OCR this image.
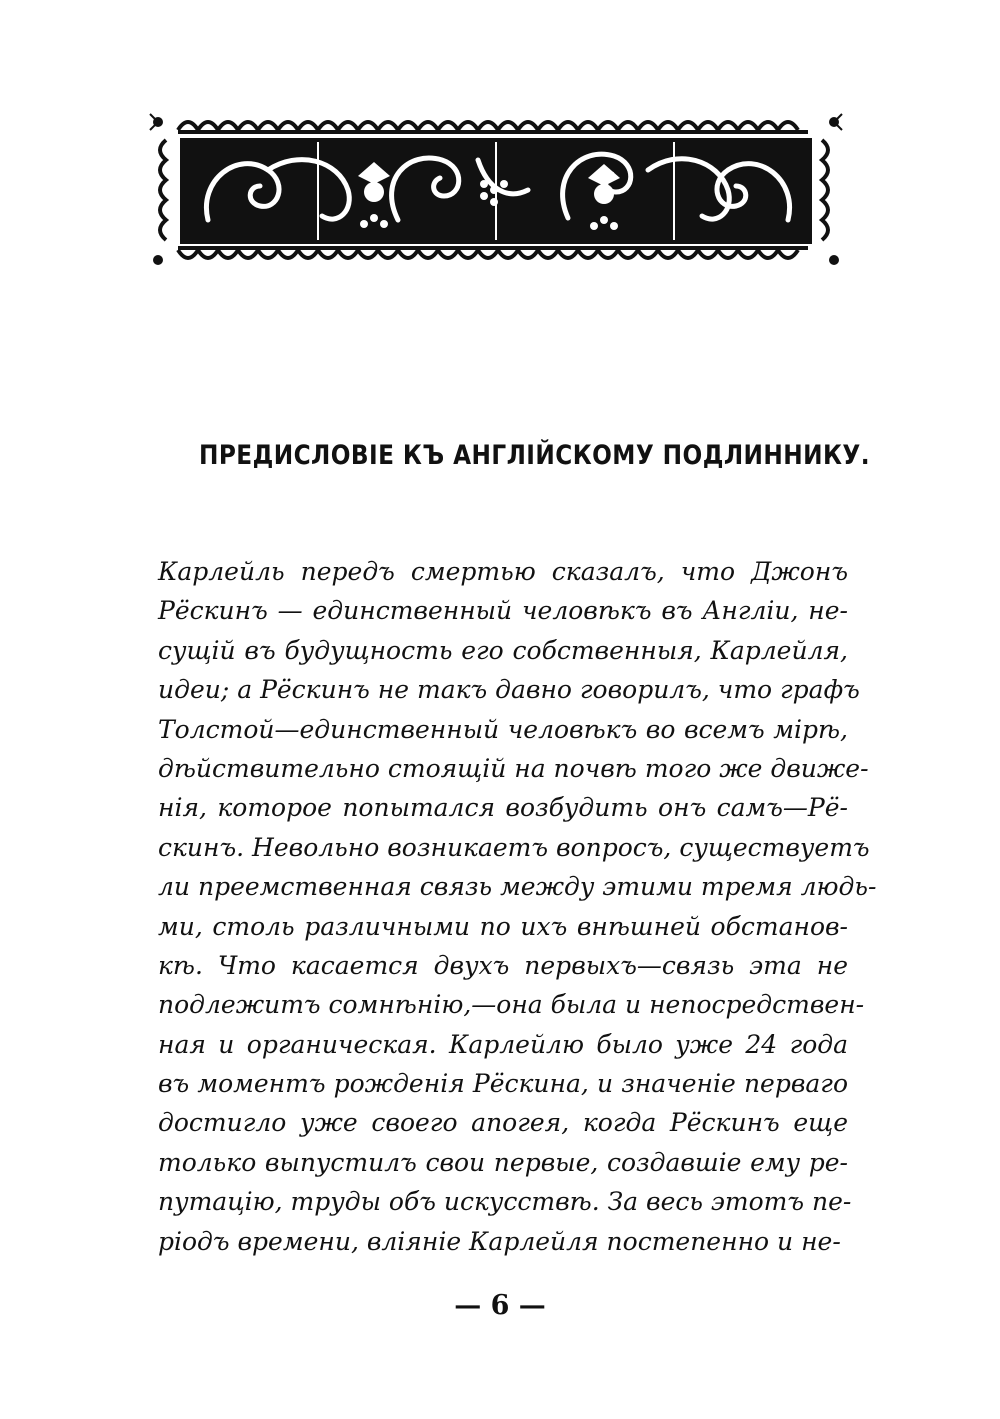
ПРЕДИСЛОВІЕ КЪ АНГЛІЙСКОМУ ПОДЛИННИКУ.
Карлейль передъ смертью сказалъ, что Джонъ
Рёскинъ — единственный человѣкъ въ Англіи, не-
сущій въ будущность его собственныя, Карлейля,
идеи; а Рёскинъ не такъ давно говорилъ, что графъ
Толстой—единственный человѣкъ во всемъ мірѣ,
дѣйствительно стоящій на почвѣ того же движе-
нія, которое попытался возбудить онъ самъ—Рё-
скинъ. Невольно возникаетъ вопросъ, существуетъ
ли преемственная связь между этими тремя людь-
ми, столь различными по ихъ внѣшней обстанов-
кѣ. Что касается двухъ первыхъ—связь эта не
подлежитъ сомнѣнію,—она была и непосредствен-
ная и органическая. Карлейлю было уже 24 года
въ моментъ рожденія Рёскина, и значеніе перваго
достигло уже своего апогея, когда Рёскинъ еще
только выпустилъ свои первые, создавшіе ему ре-
путацію, труды объ искусствѣ. За весь этотъ пе-
ріодъ времени, вліяніе Карлейля постепенно и не-
— 6 —
